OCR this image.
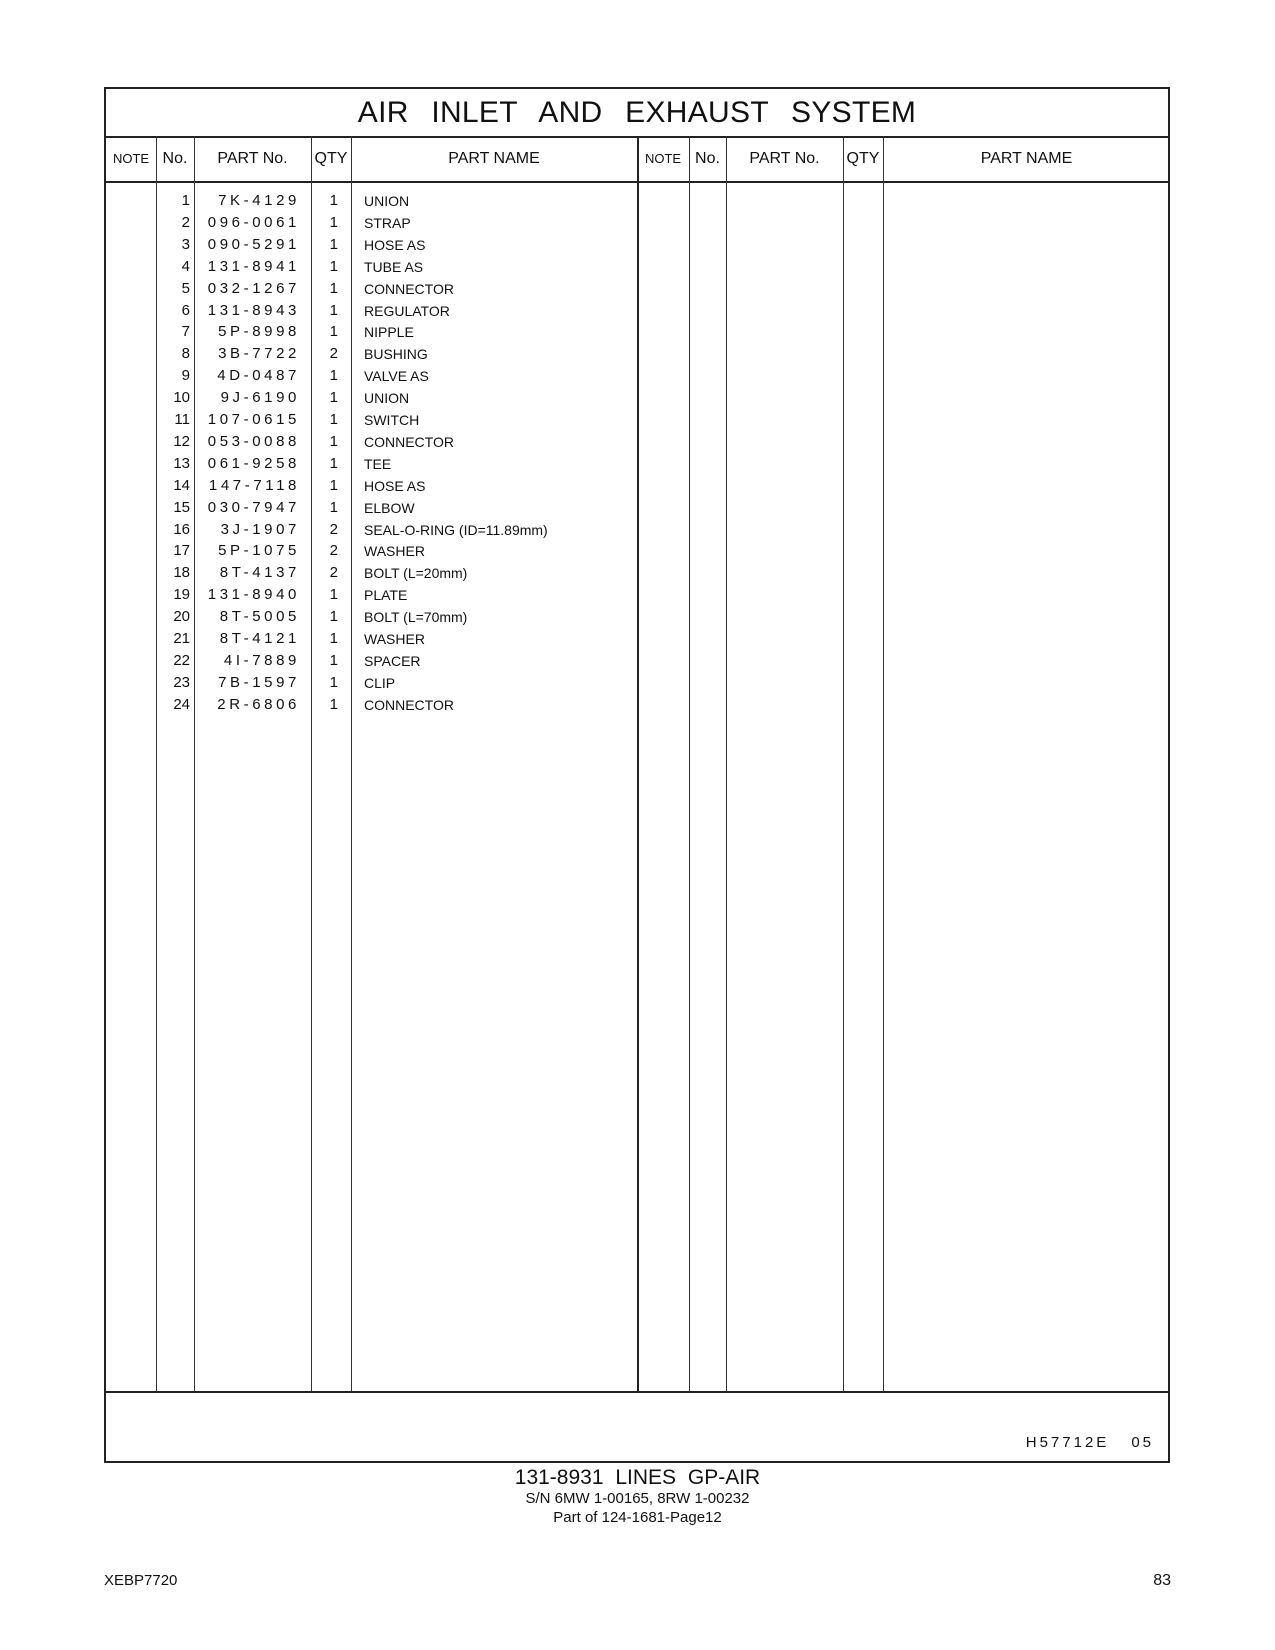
AIR INLET AND EXHAUST SYSTEM
NOTE No.	PART No.	QTY	PART NAME	NOTE No.	PART No.	QTY	PART NAME
1	7K-4129	1 UNION
2	096-0061	1 STRAP
3	090-5291	1 HOSE AS
4	131-8941	1 TUBE AS
5	032-1267	1 CONNECTOR
6	131-8943	1 REGULATOR
7	5P-8998	1 NIPPLE
8	3B-7722	2 BUSHING
9	4D-0487	1 VALVE AS
10	9J-6190	1 UNION
11	107-0615	1 SWITCH
12	053-0088	1 CONNECTOR
13	061-9258	1 TEE
14	147-7118	1 HOSE AS
15	030-7947	1 ELBOW
16	3J-1907	2 SEAL-O-RING (ID=11.89mm)
17	5P-1075	2 WASHER
18	8T-4137	2 BOLT (L=20mm)
19	131-8940	1 PLATE
20	8T-5005	1 BOLT (L=70mm)
21	8T-4121	1 WASHER
22	4I-7889	1 SPACER
23	7B-1597	1 CLIP
24	2R-6806	1 CONNECTOR
H57712E 05
131-8931 LINES GP-AIR
S/N 6MW 1-00165, 8RW 1-00232
Part of 124-1681-Page12
XEBP7720	83
